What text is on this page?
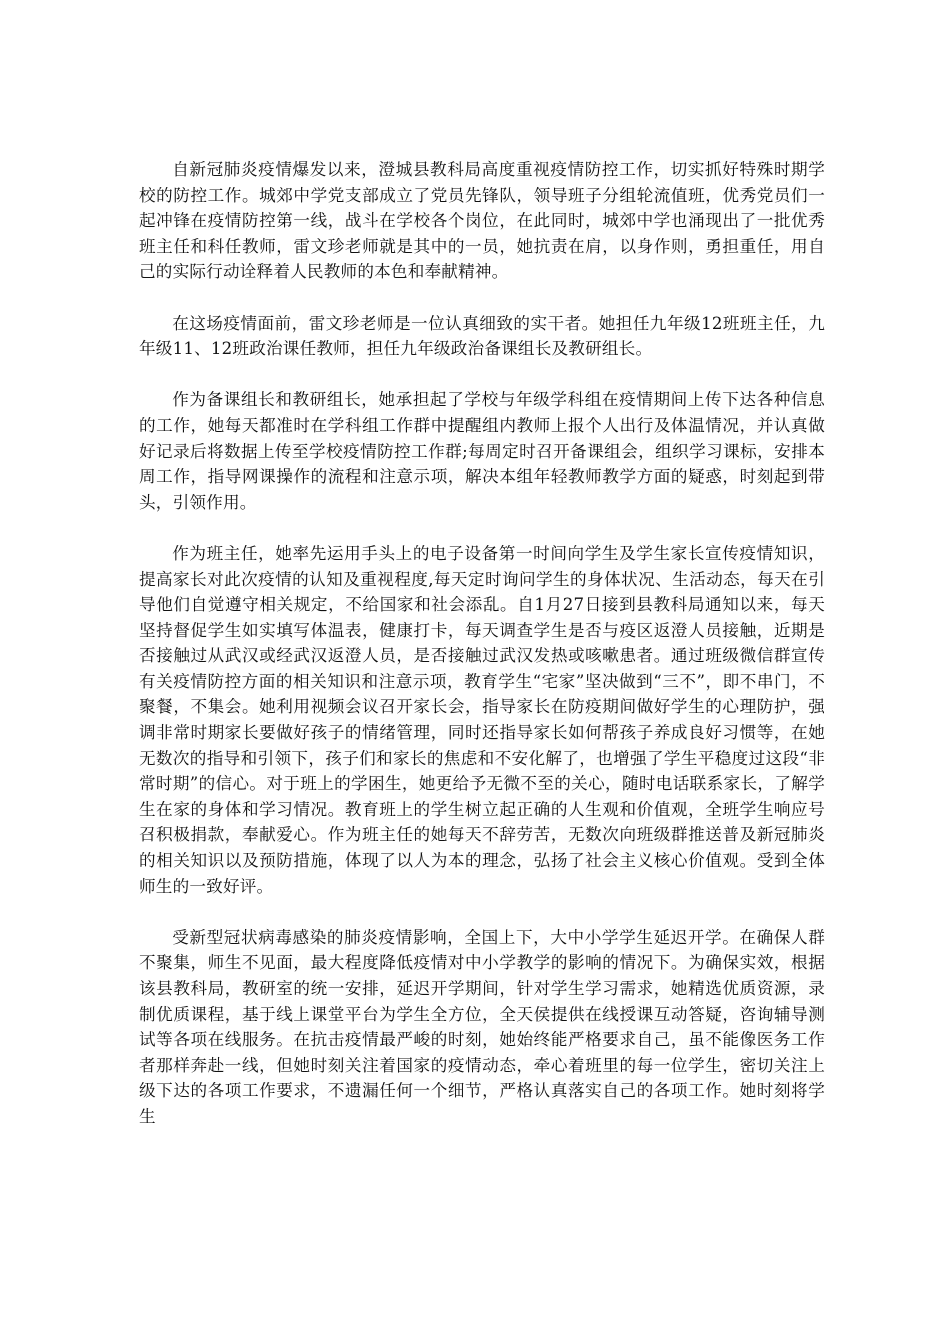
自新冠肺炎疫情爆发以来，澄城县教科局高度重视疫情防控工作，切实抓好特殊时期学校的防控工作。城郊中学党支部成立了党员先锋队，领导班子分组轮流值班，优秀党员们一起冲锋在疫情防控第一线，战斗在学校各个岗位，在此同时，城郊中学也涌现出了一批优秀班主任和科任教师，雷文珍老师就是其中的一员，她抗责在肩，以身作则，勇担重任，用自己的实际行动诠释着人民教师的本色和奉献精神。

在这场疫情面前，雷文珍老师是一位认真细致的实干者。她担任九年级12班班主任，九年级11、12班政治课任教师，担任九年级政治备课组长及教研组长。

作为备课组长和教研组长，她承担起了学校与年级学科组在疫情期间上传下达各种信息的工作，她每天都准时在学科组工作群中提醒组内教师上报个人出行及体温情况，并认真做好记录后将数据上传至学校疫情防控工作群;每周定时召开备课组会，组织学习课标，安排本周工作，指导网课操作的流程和注意示项，解决本组年轻教师教学方面的疑惑，时刻起到带头，引领作用。

作为班主任，她率先运用手头上的电子设备第一时间向学生及学生家长宣传疫情知识，提高家长对此次疫情的认知及重视程度,每天定时询问学生的身体状况、生活动态，每天在引导他们自觉遵守相关规定，不给国家和社会添乱。自1月27日接到县教科局通知以来，每天坚持督促学生如实填写体温表，健康打卡，每天调查学生是否与疫区返澄人员接触，近期是否接触过从武汉或经武汉返澄人员，是否接触过武汉发热或咳嗽患者。通过班级微信群宣传有关疫情防控方面的相关知识和注意示项，教育学生“宅家”坚决做到“三不”，即不串门，不聚餐，不集会。她利用视频会议召开家长会，指导家长在防疫期间做好学生的心理防护，强调非常时期家长要做好孩子的情绪管理，同时还指导家长如何帮孩子养成良好习惯等，在她无数次的指导和引领下，孩子们和家长的焦虑和不安化解了，也增强了学生平稳度过这段“非常时期”的信心。对于班上的学困生，她更给予无微不至的关心，随时电话联系家长，了解学生在家的身体和学习情况。教育班上的学生树立起正确的人生观和价值观，全班学生响应号召积极捐款，奉献爱心。作为班主任的她每天不辞劳苦，无数次向班级群推送普及新冠肺炎的相关知识以及预防措施，体现了以人为本的理念，弘扬了社会主义核心价值观。受到全体师生的一致好评。

受新型冠状病毒感染的肺炎疫情影响，全国上下，大中小学学生延迟开学。在确保人群不聚集，师生不见面，最大程度降低疫情对中小学教学的影响的情况下。为确保实效，根据该县教科局，教研室的统一安排，延迟开学期间，针对学生学习需求，她精选优质资源，录制优质课程，基于线上课堂平台为学生全方位，全天侯提供在线授课互动答疑，咨询辅导测试等各项在线服务。在抗击疫情最严峻的时刻，她始终能严格要求自己，虽不能像医务工作者那样奔赴一线，但她时刻关注着国家的疫情动态，牵心着班里的每一位学生，密切关注上级下达的各项工作要求，不遗漏任何一个细节，严格认真落实自己的各项工作。她时刻将学生
